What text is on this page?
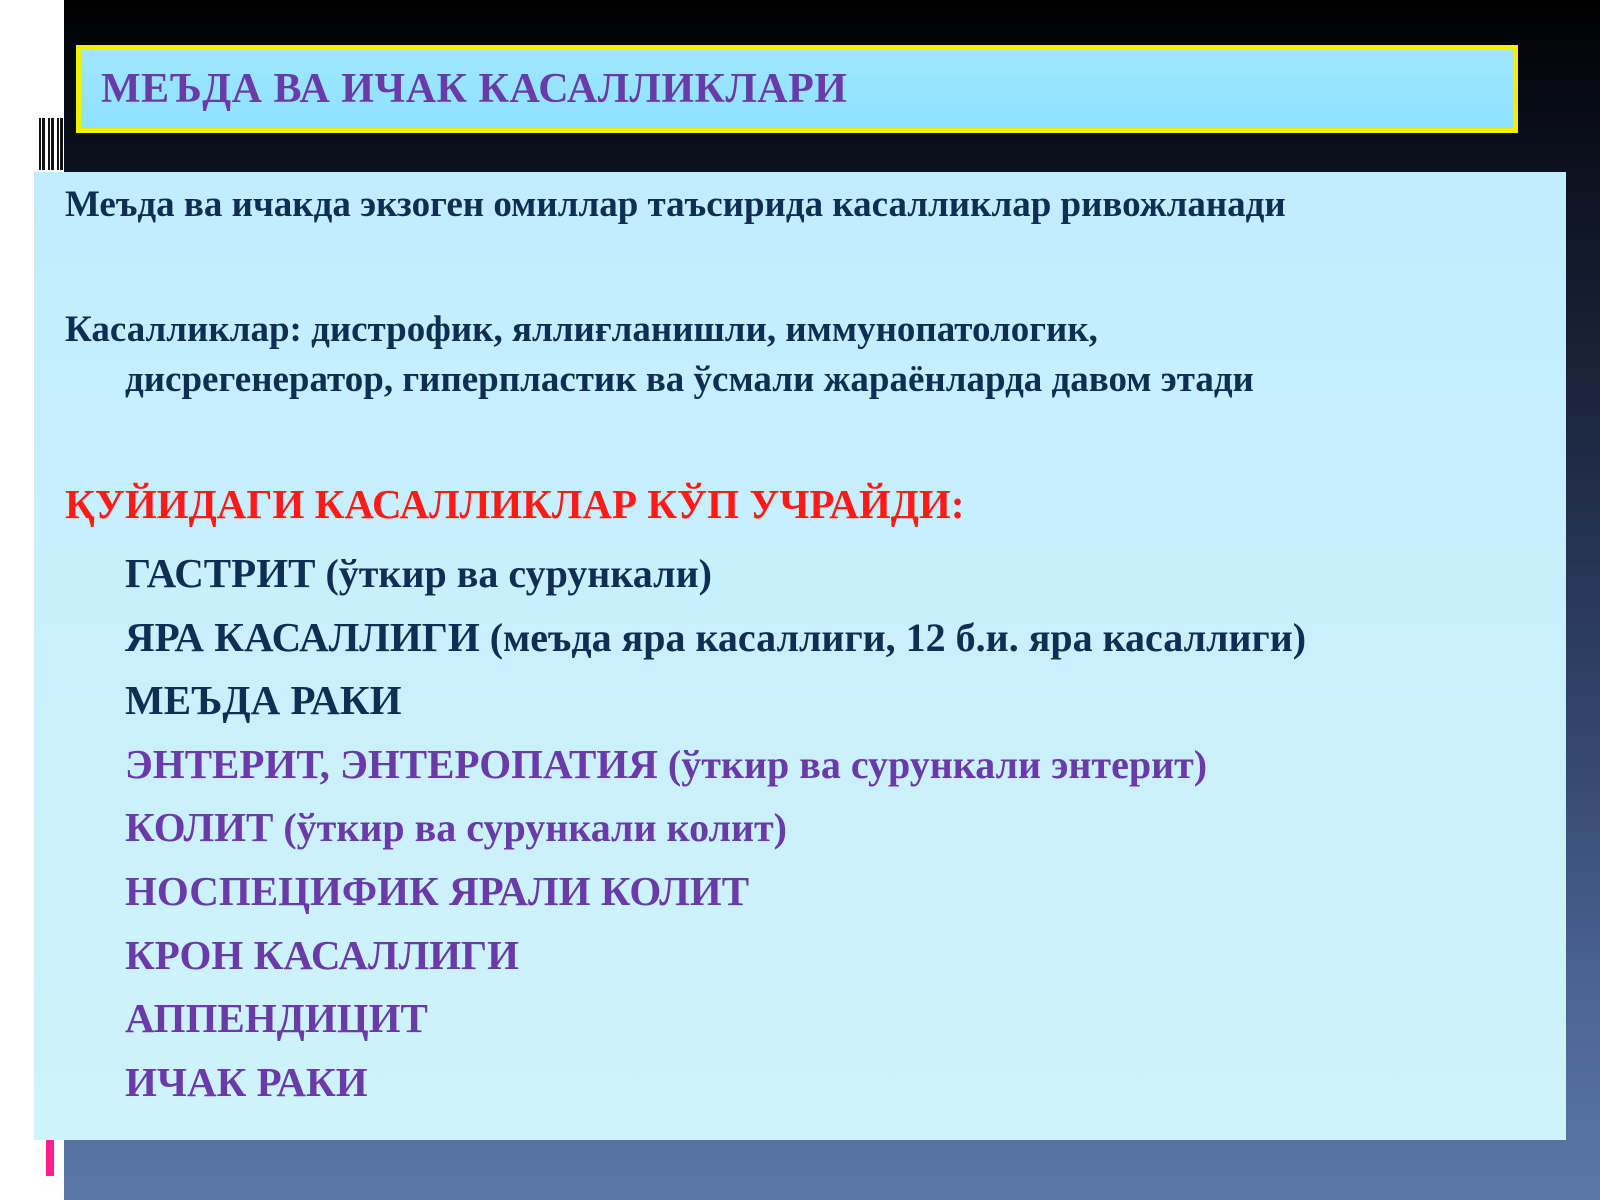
МЕЪДА ВА ИЧАК КАСАЛЛИКЛАРИ
Меъда ва ичакда экзоген омиллар таъсирида касалликлар ривожланади
Касалликлар: дистрофик, яллиғланишли, иммунопатологик,
дисрегенератор, гиперпластик ва ўсмали жараёнларда давом этади
ҚУЙИДАГИ КАСАЛЛИКЛАР КЎП УЧРАЙДИ:
ГАСТРИТ (ўткир ва сурункали)
ЯРА КАСАЛЛИГИ (меъда яра касаллиги, 12 б.и. яра касаллиги)
МЕЪДА РАКИ
ЭНТЕРИТ, ЭНТЕРОПАТИЯ (ўткир ва сурункали энтерит)
КОЛИТ (ўткир ва сурункали колит)
НОСПЕЦИФИК ЯРАЛИ КОЛИТ
КРОН КАСАЛЛИГИ
АППЕНДИЦИТ
ИЧАК РАКИ
